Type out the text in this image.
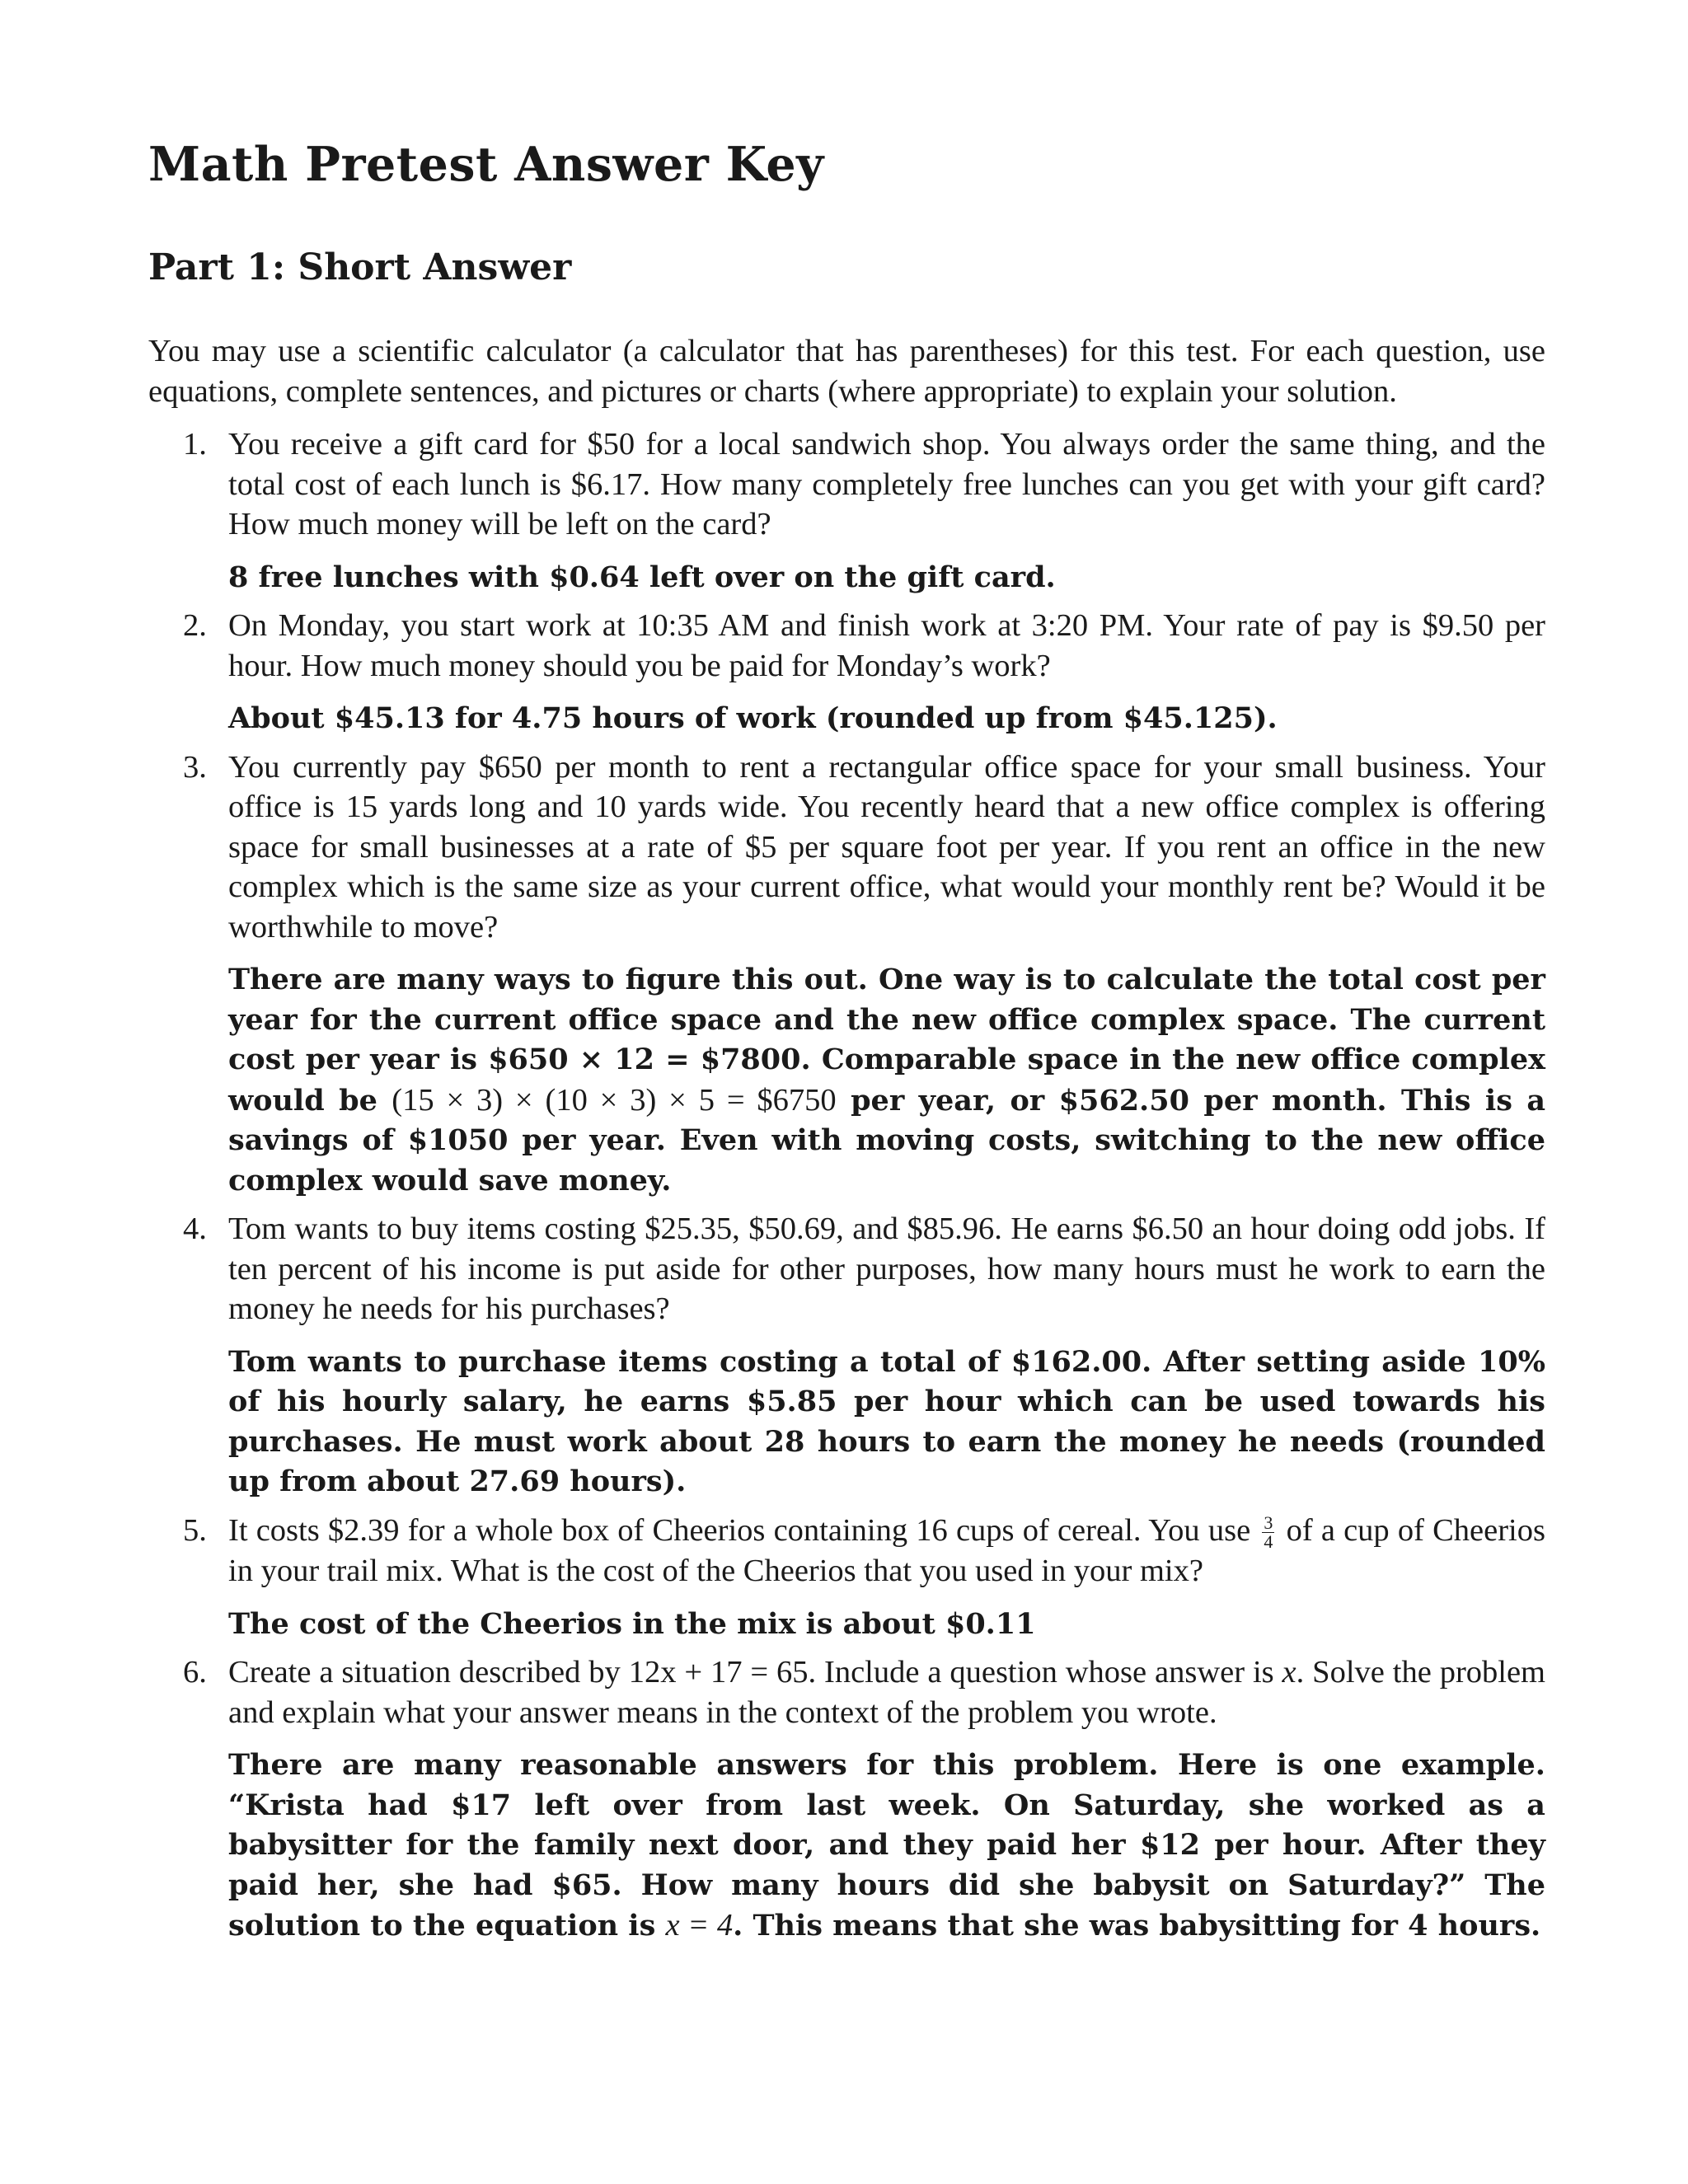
Math Pretest Answer Key
Part 1: Short Answer

You may use a scientific calculator (a calculator that has parentheses) for this test. For each question, use equations, complete sentences, and pictures or charts (where appropriate) to explain your solution.

1. You receive a gift card for $50 for a local sandwich shop. You always order the same thing, and the total cost of each lunch is $6.17. How many completely free lunches can you get with your gift card? How much money will be left on the card?

8 free lunches with $0.64 left over on the gift card.

2. On Monday, you start work at 10:35 AM and finish work at 3:20 PM. Your rate of pay is $9.50 per hour. How much money should you be paid for Monday’s work?

About $45.13 for 4.75 hours of work (rounded up from $45.125).

3. You currently pay $650 per month to rent a rectangular office space for your small business. Your office is 15 yards long and 10 yards wide. You recently heard that a new office complex is offering space for small businesses at a rate of $5 per square foot per year. If you rent an office in the new complex which is the same size as your current office, what would your monthly rent be? Would it be worthwhile to move?

There are many ways to figure this out. One way is to calculate the total cost per year for the current office space and the new office complex space. The current cost per year is $650 × 12 = $7800. Comparable space in the new office complex would be (15 × 3) × (10 × 3) × 5 = $6750 per year, or $562.50 per month. This is a savings of $1050 per year. Even with moving costs, switching to the new office complex would save money.

4. Tom wants to buy items costing $25.35, $50.69, and $85.96. He earns $6.50 an hour doing odd jobs. If ten percent of his income is put aside for other purposes, how many hours must he work to earn the money he needs for his purchases?

Tom wants to purchase items costing a total of $162.00. After setting aside 10% of his hourly salary, he earns $5.85 per hour which can be used towards his purchases. He must work about 28 hours to earn the money he needs (rounded up from about 27.69 hours).

5. It costs $2.39 for a whole box of Cheerios containing 16 cups of cereal. You use $\frac{3}{4}$ of a cup of Cheerios in your trail mix. What is the cost of the Cheerios that you used in your mix?

The cost of the Cheerios in the mix is about $0.11

6. Create a situation described by 12x + 17 = 65. Include a question whose answer is x. Solve the problem and explain what your answer means in the context of the problem you wrote.

There are many reasonable answers for this problem. Here is one example. “Krista had $17 left over from last week. On Saturday, she worked as a babysitter for the family next door, and they paid her $12 per hour. After they paid her, she had $65. How many hours did she babysit on Saturday?” The solution to the equation is x = 4. This means that she was babysitting for 4 hours.
